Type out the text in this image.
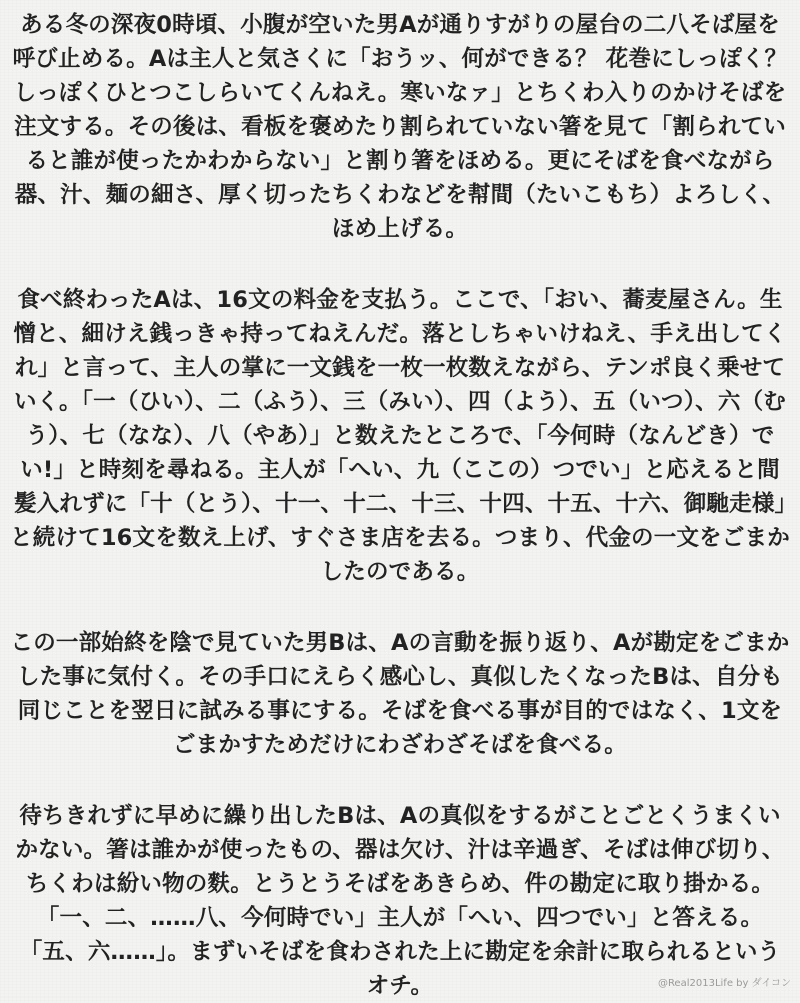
ある冬の深夜0時頃、小腹が空いた男Aが通りすがりの屋台の二八そば屋を呼び止める。Aは主人と気さくに「おうッ、何ができる？ 花巻にしっぽく？ しっぽくひとつこしらいてくんねえ。寒いなァ」とちくわ入りのかけそばを注文する。その後は、看板を褒めたり割られていない箸を見て「割られていると誰が使ったかわからない」と割り箸をほめる。更にそばを食べながら器、汁、麺の細さ、厚く切ったちくわなどを幇間（たいこもち）よろしく、ほめ上げる。

食べ終わったAは、16文の料金を支払う。ここで、「おい、蕎麦屋さん。生憎と、細けえ銭っきゃ持ってねえんだ。落としちゃいけねえ、手え出してくれ」と言って、主人の掌に一文銭を一枚一枚数えながら、テンポ良く乗せていく。「一（ひい）、二（ふう）、三（みい）、四（よう）、五（いつ）、六（むう）、七（なな）、八（やあ）」と数えたところで、「今何時（なんどき）でい!」と時刻を尋ねる。主人が「へい、九（ここの）つでい」と応えると間髪入れずに「十（とう）、十一、十二、十三、十四、十五、十六、御馳走様」と続けて16文を数え上げ、すぐさま店を去る。つまり、代金の一文をごまかしたのである。

この一部始終を陰で見ていた男Bは、Aの言動を振り返り、Aが勘定をごまかした事に気付く。その手口にえらく感心し、真似したくなったBは、自分も同じことを翌日に試みる事にする。そばを食べる事が目的ではなく、1文をごまかすためだけにわざわざそばを食べる。

待ちきれずに早めに繰り出したBは、Aの真似をするがことごとくうまくいかない。箸は誰かが使ったもの、器は欠け、汁は辛過ぎ、そばは伸び切り、ちくわは紛い物の麩。とうとうそばをあきらめ、件の勘定に取り掛かる。「一、二、……八、今何時でい」主人が「へい、四つでい」と答える。「五、六……」。まずいそばを食わされた上に勘定を余計に取られるというオチ。	@Real2013Life by ダイコン
